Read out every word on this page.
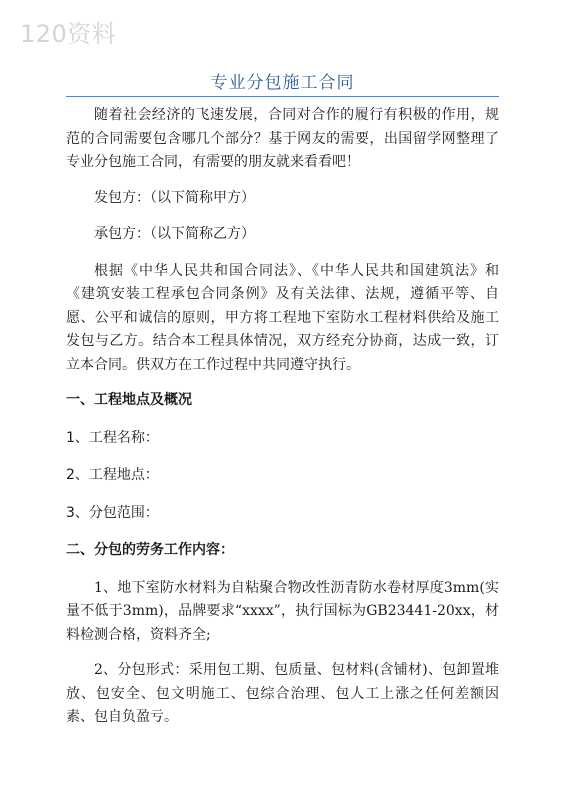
120资料
专业分包施工合同

随着社会经济的飞速发展，合同对合作的履行有积极的作用，规范的合同需要包含哪几个部分？基于网友的需要，出国留学网整理了专业分包施工合同，有需要的朋友就来看看吧！

发包方：（以下简称甲方）

承包方：（以下简称乙方）

根据《中华人民共和国合同法》、《中华人民共和国建筑法》和《建筑安装工程承包合同条例》及有关法律、法规，遵循平等、自愿、公平和诚信的原则，甲方将工程地下室防水工程材料供给及施工发包与乙方。结合本工程具体情况，双方经充分协商，达成一致，订立本合同。供双方在工作过程中共同遵守执行。

一、工程地点及概况
1、工程名称：
2、工程地点：
3、分包范围：
二、分包的劳务工作内容：

1、地下室防水材料为自粘聚合物改性沥青防水卷材厚度3mm(实量不低于3mm)，品牌要求“xxxx”，执行国标为GB23441-20xx，材料检测合格，资料齐全;

2、分包形式：采用包工期、包质量、包材料(含铺材)、包卸置堆放、包安全、包文明施工、包综合治理、包人工上涨之任何差额因素、包自负盈亏。
